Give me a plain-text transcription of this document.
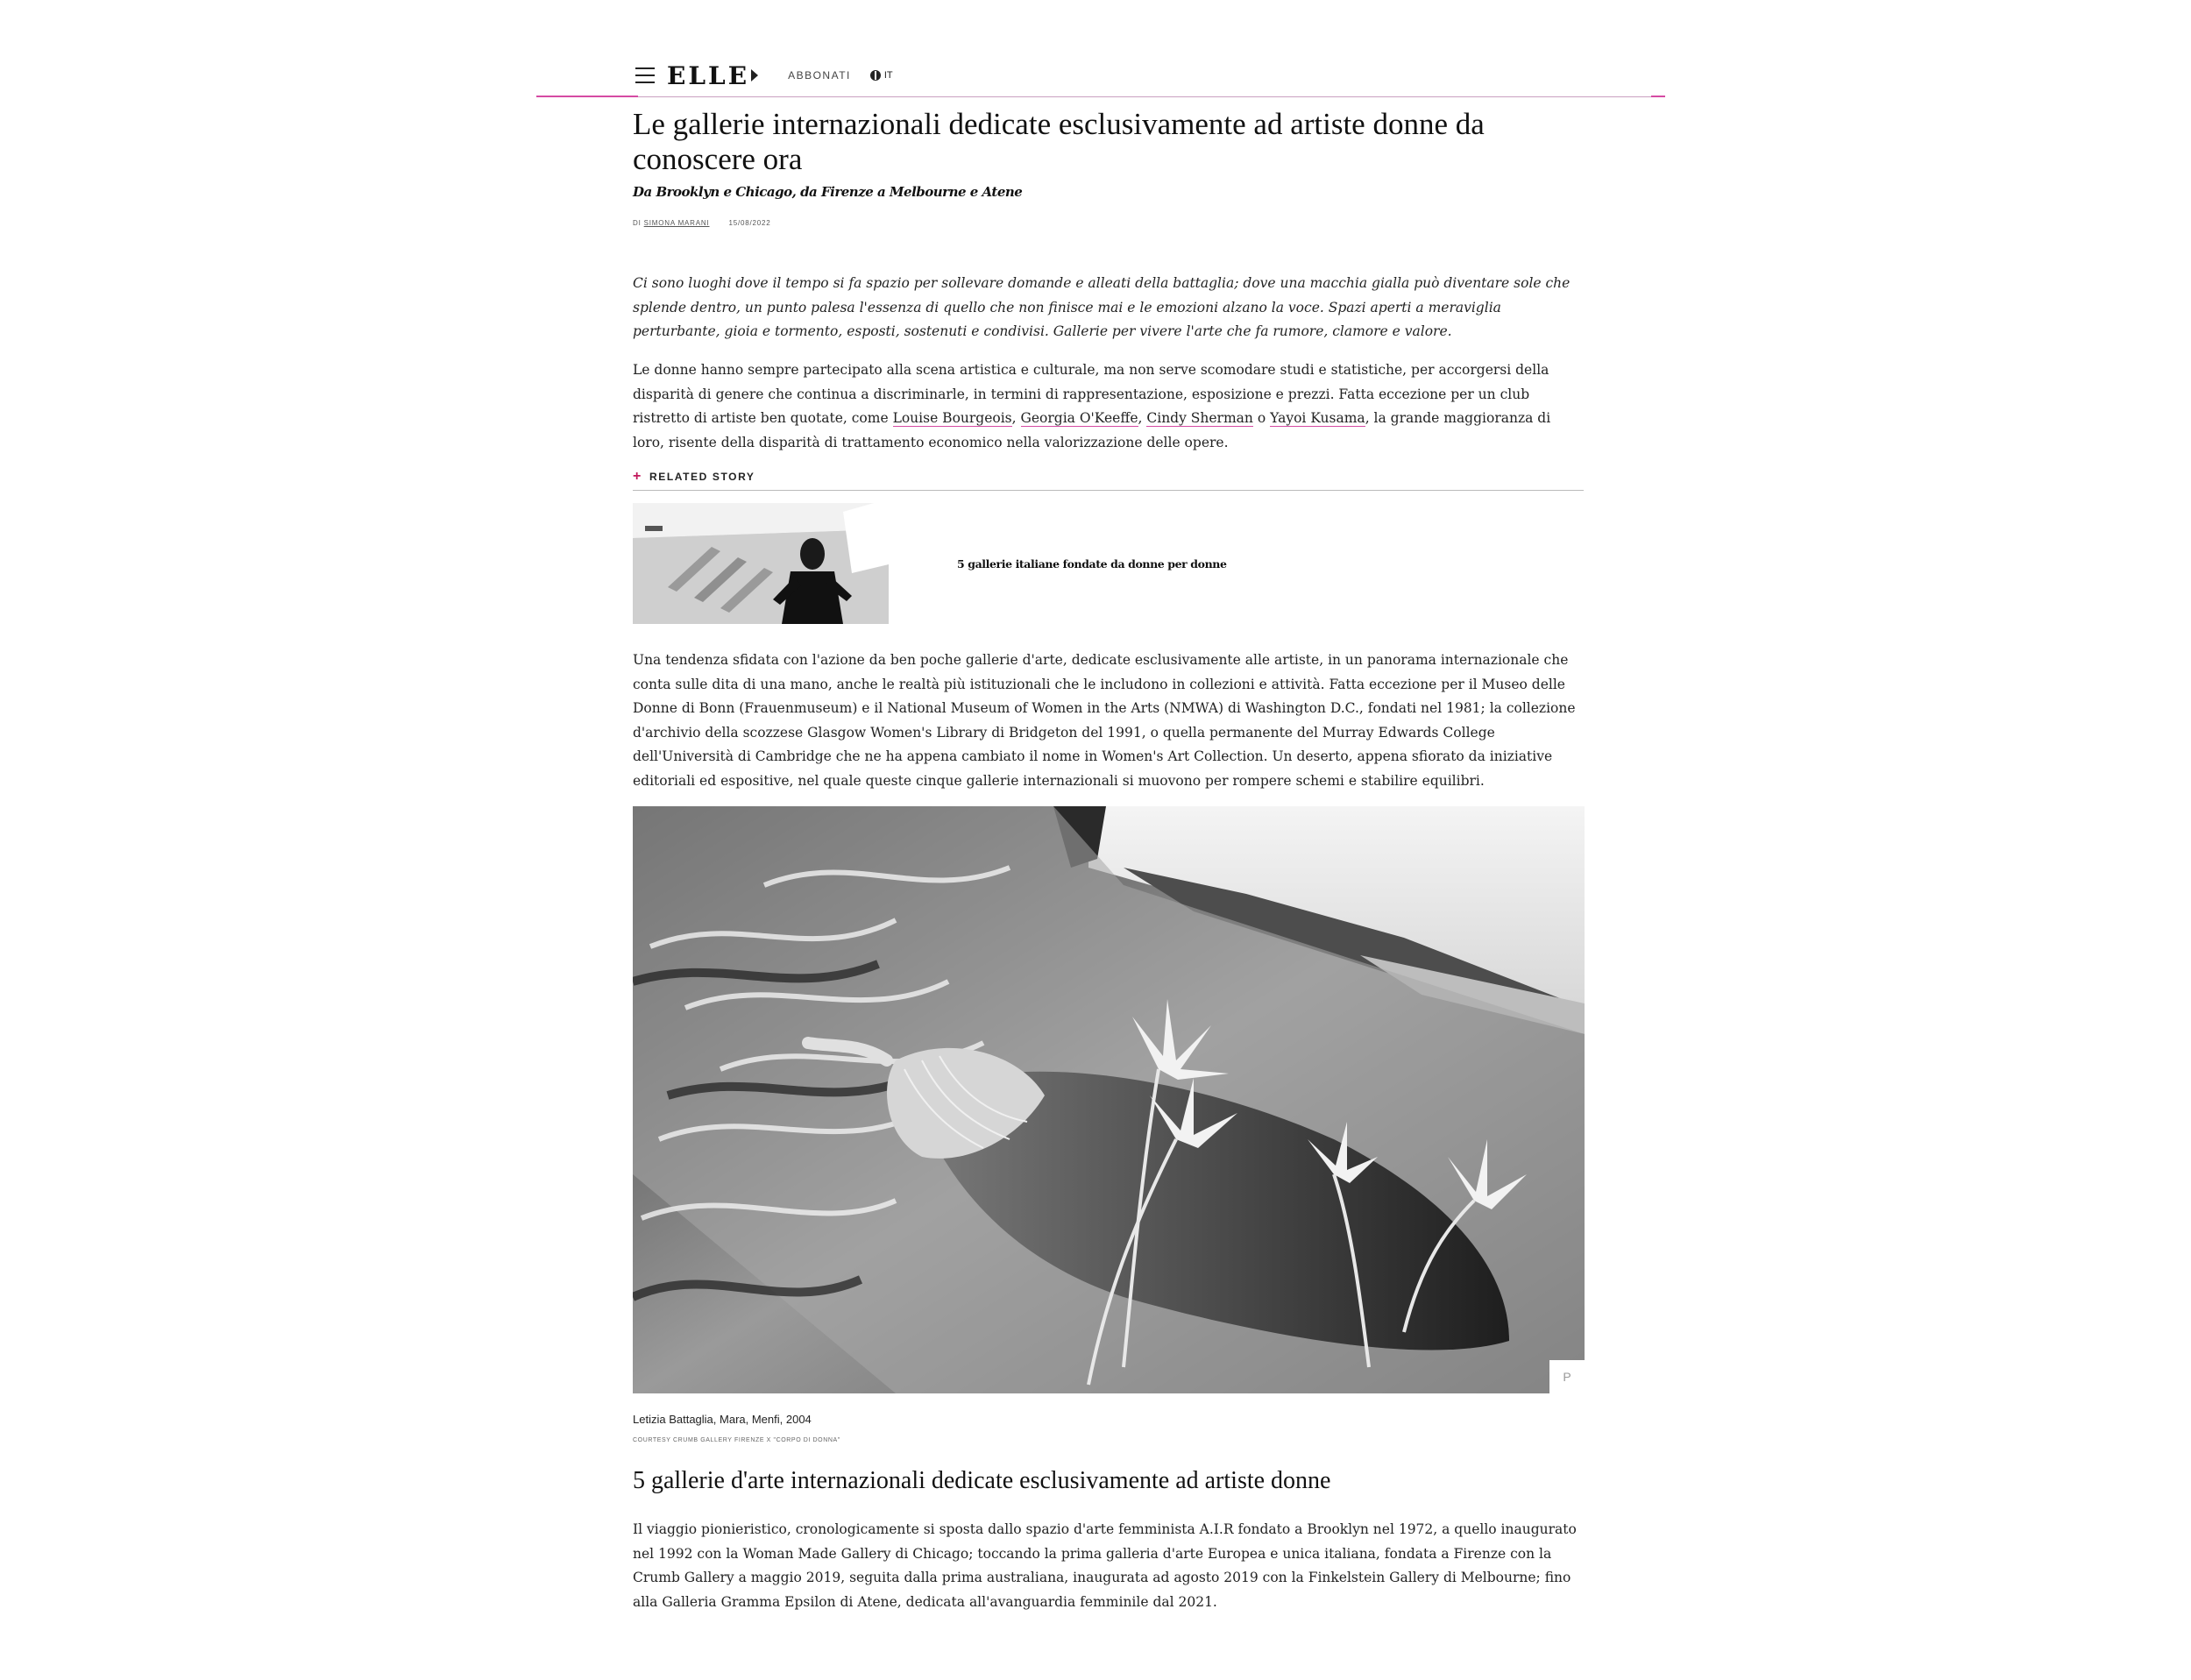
ELLE	ABBONATI	IT
Le gallerie internazionali dedicate esclusivamente ad artiste donne da conoscere ora
Da Brooklyn e Chicago, da Firenze a Melbourne e Atene
DI SIMONA MARANI	15/08/2022

Ci sono luoghi dove il tempo si fa spazio per sollevare domande e alleati della battaglia; dove una macchia gialla può diventare sole che splende dentro, un punto palesa l'essenza di quello che non finisce mai e le emozioni alzano la voce. Spazi aperti a meraviglia perturbante, gioia e tormento, esposti, sostenuti e condivisi. Gallerie per vivere l'arte che fa rumore, clamore e valore.

Le donne hanno sempre partecipato alla scena artistica e culturale, ma non serve scomodare studi e statistiche, per accorgersi della disparità di genere che continua a discriminarle, in termini di rappresentazione, esposizione e prezzi. Fatta eccezione per un club ristretto di artiste ben quotate, come Louise Bourgeois, Georgia O'Keeffe, Cindy Sherman o Yayoi Kusama, la grande maggioranza di loro, risente della disparità di trattamento economico nella valorizzazione delle opere.

+ RELATED STORY
5 gallerie italiane fondate da donne per donne

Una tendenza sfidata con l'azione da ben poche gallerie d'arte, dedicate esclusivamente alle artiste, in un panorama internazionale che conta sulle dita di una mano, anche le realtà più istituzionali che le includono in collezioni e attività. Fatta eccezione per il Museo delle Donne di Bonn (Frauenmuseum) e il National Museum of Women in the Arts (NMWA) di Washington D.C., fondati nel 1981; la collezione d'archivio della scozzese Glasgow Women's Library di Bridgeton del 1991, o quella permanente del Murray Edwards College dell'Università di Cambridge che ne ha appena cambiato il nome in Women's Art Collection. Un deserto, appena sfiorato da iniziative editoriali ed espositive, nel quale queste cinque gallerie internazionali si muovono per rompere schemi e stabilire equilibri.

P
Letizia Battaglia, Mara, Menfi, 2004
COURTESY CRUMB GALLERY FIRENZE X "CORPO DI DONNA"
5 gallerie d'arte internazionali dedicate esclusivamente ad artiste donne

Il viaggio pionieristico, cronologicamente si sposta dallo spazio d'arte femminista A.I.R fondato a Brooklyn nel 1972, a quello inaugurato nel 1992 con la Woman Made Gallery di Chicago; toccando la prima galleria d'arte Europea e unica italiana, fondata a Firenze con la Crumb Gallery a maggio 2019, seguita dalla prima australiana, inaugurata ad agosto 2019 con la Finkelstein Gallery di Melbourne; fino alla Galleria Gramma Epsilon di Atene, dedicata all'avanguardia femminile dal 2021.
